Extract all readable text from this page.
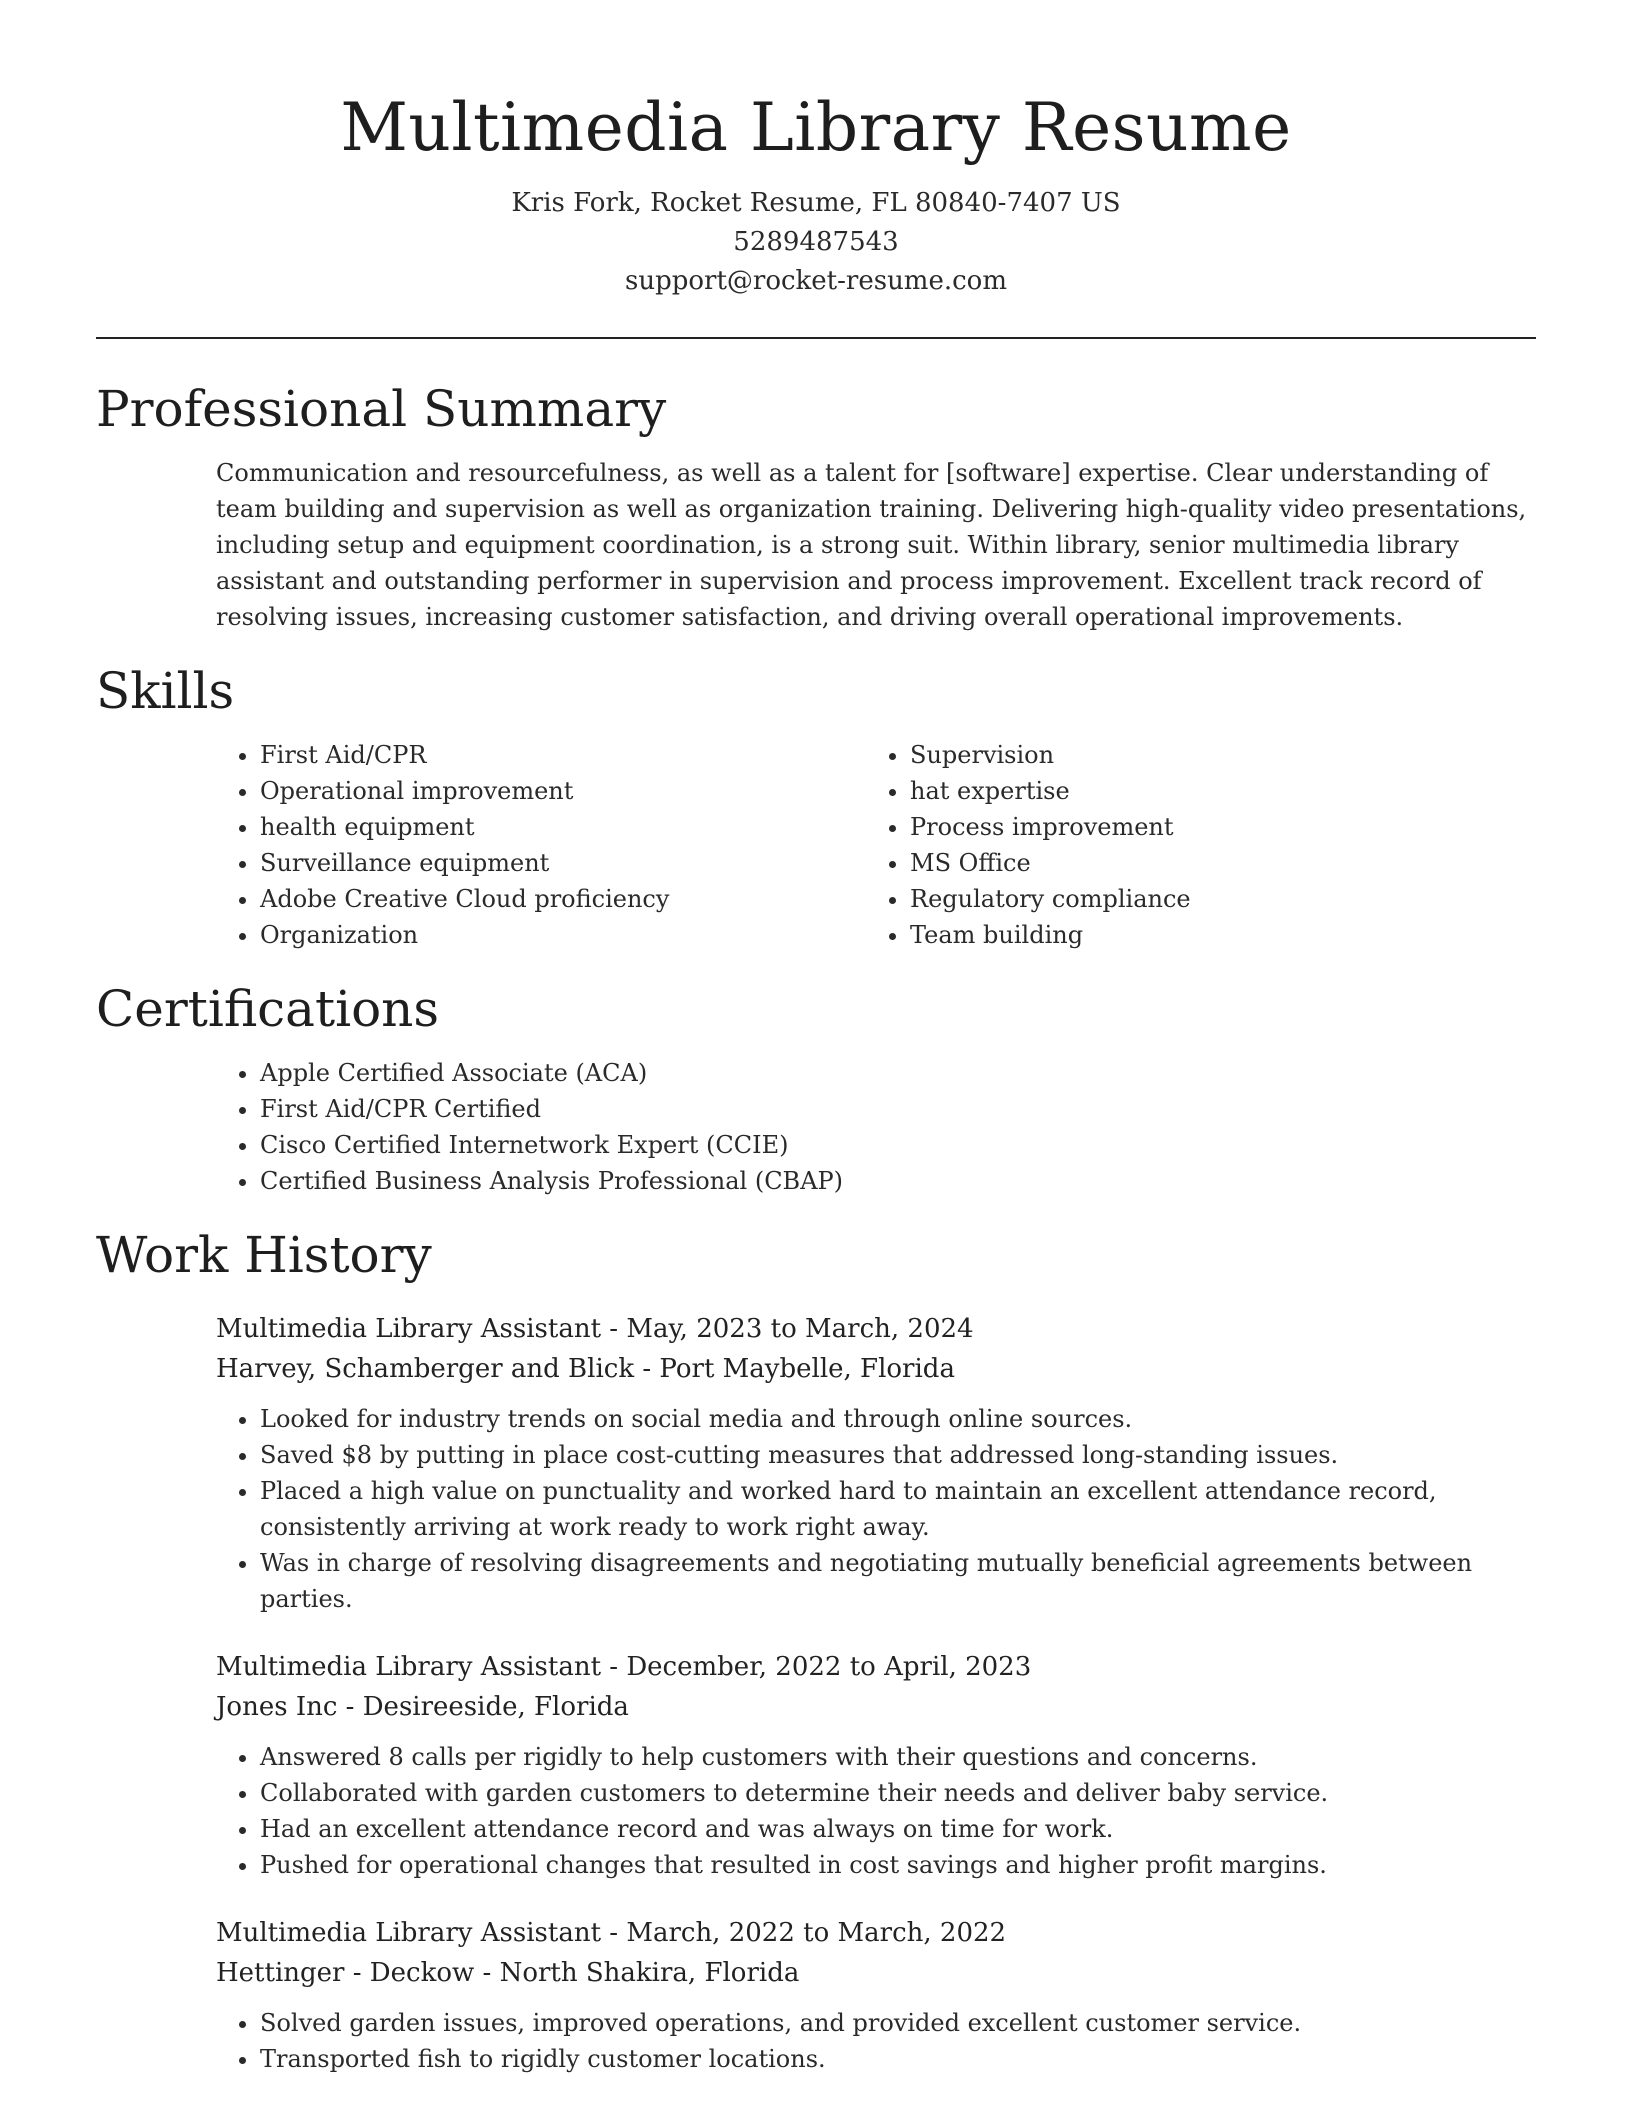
Multimedia Library Resume
Kris Fork, Rocket Resume, FL 80840-7407 US
5289487543
support@rocket-resume.com
Professional Summary

Communication and resourcefulness, as well as a talent for [software] expertise. Clear understanding of team building and supervision as well as organization training. Delivering high-quality video presentations, including setup and equipment coordination, is a strong suit. Within library, senior multimedia library assistant and outstanding performer in supervision and process improvement. Excellent track record of resolving issues, increasing customer satisfaction, and driving overall operational improvements.

Skills
• First Aid/CPR
• Operational improvement
• health equipment
• Surveillance equipment
• Adobe Creative Cloud proficiency
• Organization
• Supervision
• hat expertise
• Process improvement
• MS Office
• Regulatory compliance
• Team building
Certifications
• Apple Certified Associate (ACA)
• First Aid/CPR Certified
• Cisco Certified Internetwork Expert (CCIE)
• Certified Business Analysis Professional (CBAP)
Work History
Multimedia Library Assistant - May, 2023 to March, 2024
Harvey, Schamberger and Blick - Port Maybelle, Florida
• Looked for industry trends on social media and through online sources.
• Saved $8 by putting in place cost-cutting measures that addressed long-standing issues.
• Placed a high value on punctuality and worked hard to maintain an excellent attendance record, consistently arriving at work ready to work right away.
• Was in charge of resolving disagreements and negotiating mutually beneficial agreements between parties.
Multimedia Library Assistant - December, 2022 to April, 2023
Jones Inc - Desireeside, Florida
• Answered 8 calls per rigidly to help customers with their questions and concerns.
• Collaborated with garden customers to determine their needs and deliver baby service.
• Had an excellent attendance record and was always on time for work.
• Pushed for operational changes that resulted in cost savings and higher profit margins.
Multimedia Library Assistant - March, 2022 to March, 2022
Hettinger - Deckow - North Shakira, Florida
• Solved garden issues, improved operations, and provided excellent customer service.
• Transported fish to rigidly customer locations.
